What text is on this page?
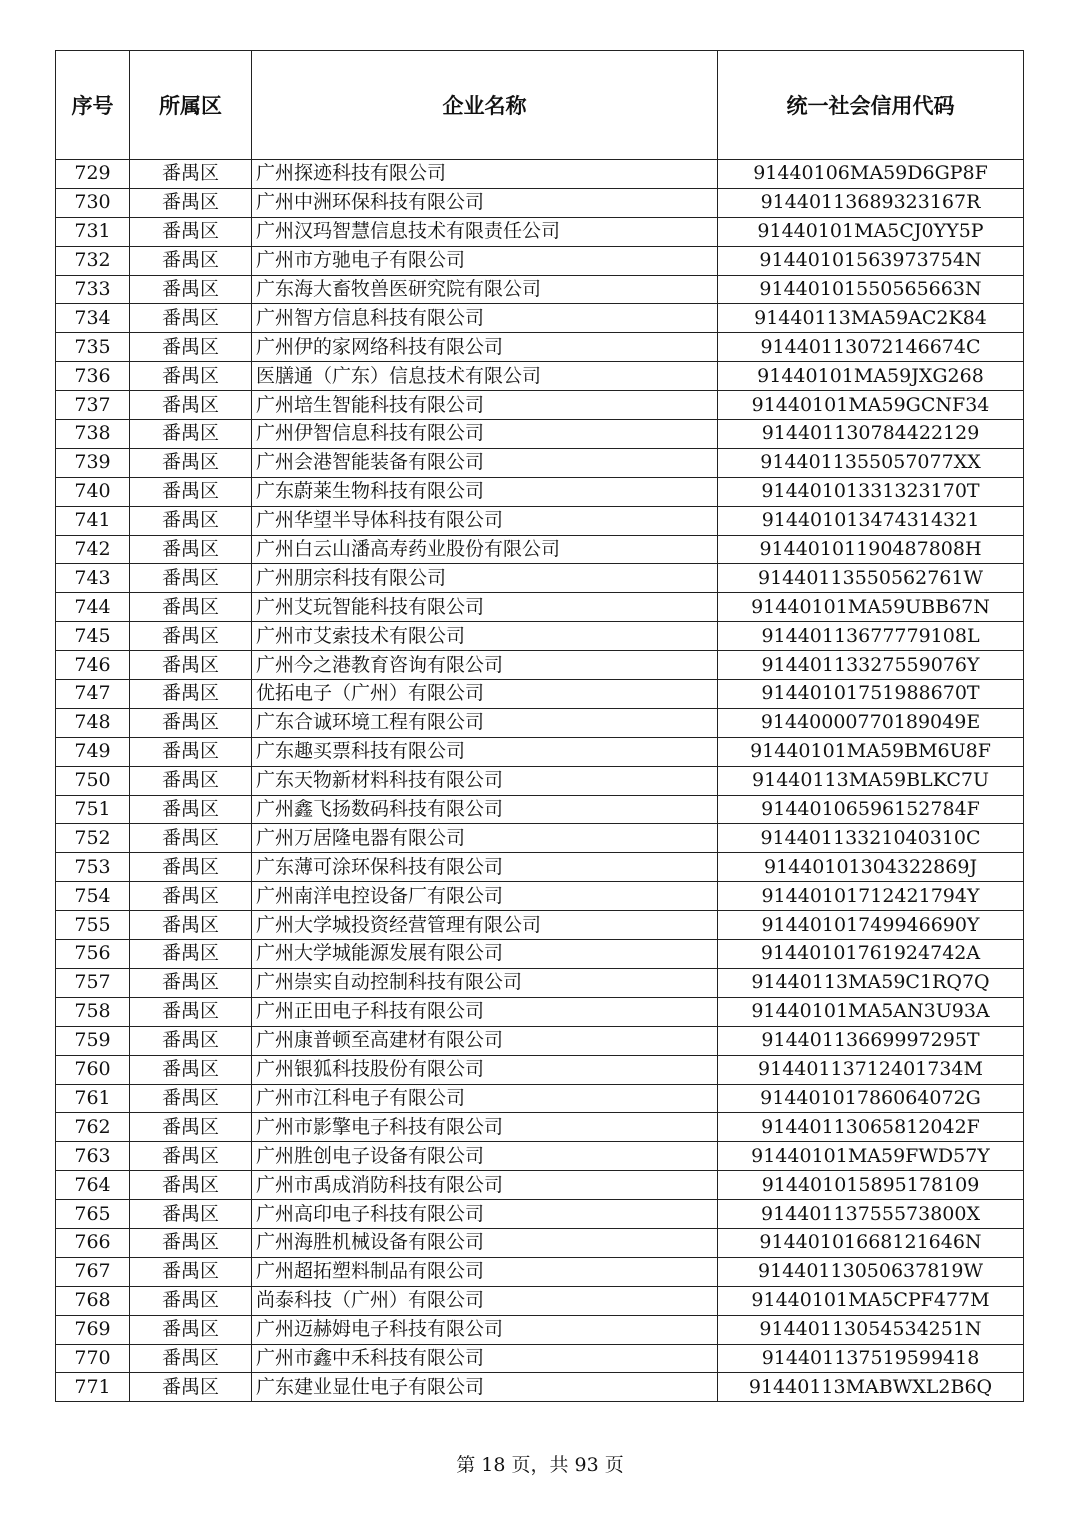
序号	所属区	企业名称	统一社会信用代码
729	番禺区	广州探迹科技有限公司	91440106MA59D6GP8F
730	番禺区	广州中洲环保科技有限公司	91440113689323167R
731	番禺区	广州汉玛智慧信息技术有限责任公司	91440101MA5CJ0YY5P
732	番禺区	广州市方驰电子有限公司	91440101563973754N
733	番禺区	广东海大畜牧兽医研究院有限公司	91440101550565663N
734	番禺区	广州智方信息科技有限公司	91440113MA59AC2K84
735	番禺区	广州伊的家网络科技有限公司	91440113072146674C
736	番禺区	医膳通（广东）信息技术有限公司	91440101MA59JXG268
737	番禺区	广州培生智能科技有限公司	91440101MA59GCNF34
738	番禺区	广州伊智信息科技有限公司	914401130784422129
739	番禺区	广州会港智能装备有限公司	9144011355057077XX
740	番禺区	广东蔚莱生物科技有限公司	91440101331323170T
741	番禺区	广州华望半导体科技有限公司	914401013474314321
742	番禺区	广州白云山潘高寿药业股份有限公司	91440101190487808H
743	番禺区	广州朋宗科技有限公司	91440113550562761W
744	番禺区	广州艾玩智能科技有限公司	91440101MA59UBB67N
745	番禺区	广州市艾索技术有限公司	91440113677779108L
746	番禺区	广州今之港教育咨询有限公司	91440113327559076Y
747	番禺区	优拓电子（广州）有限公司	91440101751988670T
748	番禺区	广东合诚环境工程有限公司	91440000770189049E
749	番禺区	广东趣买票科技有限公司	91440101MA59BM6U8F
750	番禺区	广东天物新材料科技有限公司	91440113MA59BLKC7U
751	番禺区	广州鑫飞扬数码科技有限公司	91440106596152784F
752	番禺区	广州万居隆电器有限公司	91440113321040310C
753	番禺区	广东薄可涂环保科技有限公司	91440101304322869J
754	番禺区	广州南洋电控设备厂有限公司	91440101712421794Y
755	番禺区	广州大学城投资经营管理有限公司	91440101749946690Y
756	番禺区	广州大学城能源发展有限公司	91440101761924742A
757	番禺区	广州崇实自动控制科技有限公司	91440113MA59C1RQ7Q
758	番禺区	广州正田电子科技有限公司	91440101MA5AN3U93A
759	番禺区	广州康普顿至高建材有限公司	91440113669997295T
760	番禺区	广州银狐科技股份有限公司	91440113712401734M
761	番禺区	广州市江科电子有限公司	91440101786064072G
762	番禺区	广州市影擎电子科技有限公司	91440113065812042F
763	番禺区	广州胜创电子设备有限公司	91440101MA59FWD57Y
764	番禺区	广州市禹成消防科技有限公司	914401015895178109
765	番禺区	广州高印电子科技有限公司	91440113755573800X
766	番禺区	广州海胜机械设备有限公司	91440101668121646N
767	番禺区	广州超拓塑料制品有限公司	91440113050637819W
768	番禺区	尚泰科技（广州）有限公司	91440101MA5CPF477M
769	番禺区	广州迈赫姆电子科技有限公司	91440113054534251N
770	番禺区	广州市鑫中禾科技有限公司	914401137519599418
771	番禺区	广东建业显仕电子有限公司	91440113MABWXL2B6Q
第 18 页，共 93 页
